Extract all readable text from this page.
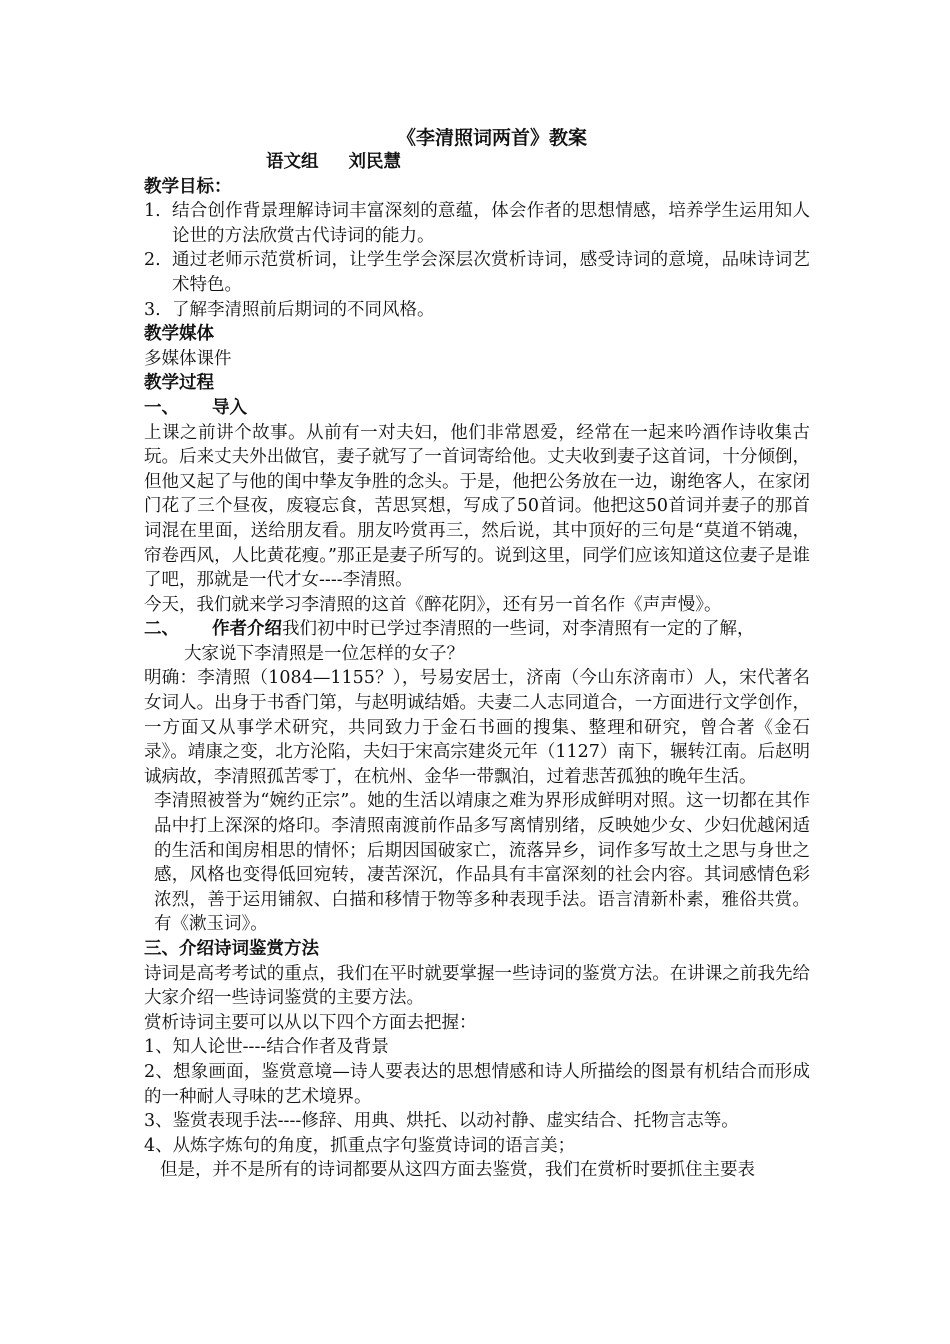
《李清照词两首》教案
语文组 刘民慧
教学目标：
1. 结合创作背景理解诗词丰富深刻的意蕴，体会作者的思想情感，培养学生运用知人论世的方法欣赏古代诗词的能力。
2. 通过老师示范赏析词，让学生学会深层次赏析诗词，感受诗词的意境，品味诗词艺术特色。
3. 了解李清照前后期词的不同风格。
教学媒体

多媒体课件

教学过程
一、	导入

上课之前讲个故事。从前有一对夫妇，他们非常恩爱，经常在一起来吟酒作诗收集古玩。后来丈夫外出做官，妻子就写了一首词寄给他。丈夫收到妻子这首词，十分倾倒，但他又起了与他的闺中挚友争胜的念头。于是，他把公务放在一边，谢绝客人，在家闭门花了三个昼夜，废寝忘食，苦思冥想，写成了50首词。他把这50首词并妻子的那首词混在里面，送给朋友看。朋友吟赏再三，然后说，其中顶好的三句是“莫道不销魂，帘卷西风，人比黄花瘦。”那正是妻子所写的。说到这里，同学们应该知道这位妻子是谁了吧，那就是一代才女----李清照。

今天，我们就来学习李清照的这首《醉花阴》，还有另一首名作《声声慢》。

二、	作者介绍我们初中时已学过李清照的一些词，对李清照有一定的了解，

大家说下李清照是一位怎样的女子？

明确：李清照（1084—1155？），号易安居士，济南（今山东济南市）人，宋代著名女词人。出身于书香门第，与赵明诚结婚。夫妻二人志同道合，一方面进行文学创作，一方面又从事学术研究，共同致力于金石书画的搜集、整理和研究，曾合著《金石录》。靖康之变，北方沦陷，夫妇于宋高宗建炎元年（1127）南下，辗转江南。后赵明诚病故，李清照孤苦零丁，在杭州、金华一带飘泊，过着悲苦孤独的晚年生活。

李清照被誉为“婉约正宗”。她的生活以靖康之难为界形成鲜明对照。这一切都在其作品中打上深深的烙印。李清照南渡前作品多写离情别绪，反映她少女、少妇优越闲适的生活和闺房相思的情怀；后期因国破家亡，流落异乡，词作多写故土之思与身世之感，风格也变得低回宛转，凄苦深沉，作品具有丰富深刻的社会内容。其词感情色彩浓烈，善于运用铺叙、白描和移情于物等多种表现手法。语言清新朴素，雅俗共赏。有《漱玉词》。

三、介绍诗词鉴赏方法

诗词是高考考试的重点，我们在平时就要掌握一些诗词的鉴赏方法。在讲课之前我先给大家介绍一些诗词鉴赏的主要方法。

赏析诗词主要可以从以下四个方面去把握：

1、知人论世----结合作者及背景

2、想象画面，鉴赏意境—诗人要表达的思想情感和诗人所描绘的图景有机结合而形成的一种耐人寻味的艺术境界。

3、鉴赏表现手法----修辞、用典、烘托、以动衬静、虚实结合、托物言志等。

4、从炼字炼句的角度，抓重点字句鉴赏诗词的语言美；

但是，并不是所有的诗词都要从这四方面去鉴赏，我们在赏析时要抓住主要表
